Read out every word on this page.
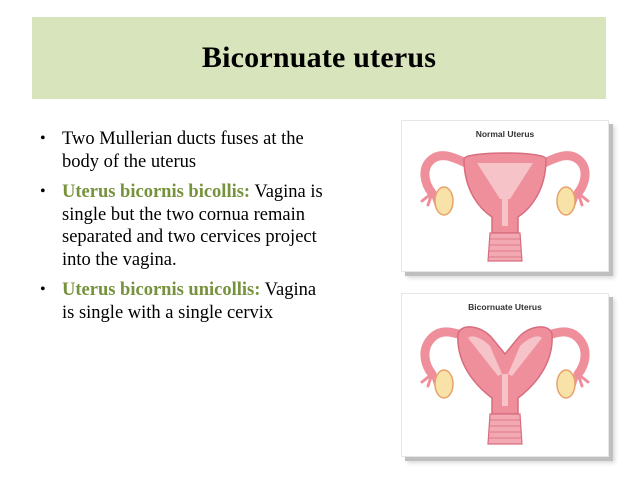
Bicornuate uterus
• Two Mullerian ducts fuses at the body of the uterus
• Uterus bicornis bicollis: Vagina is single but the two cornua remain separated and two cervices project into the vagina.
• Uterus bicornis unicollis: Vagina is single with a single cervix
Normal Uterus
Bicornuate Uterus
